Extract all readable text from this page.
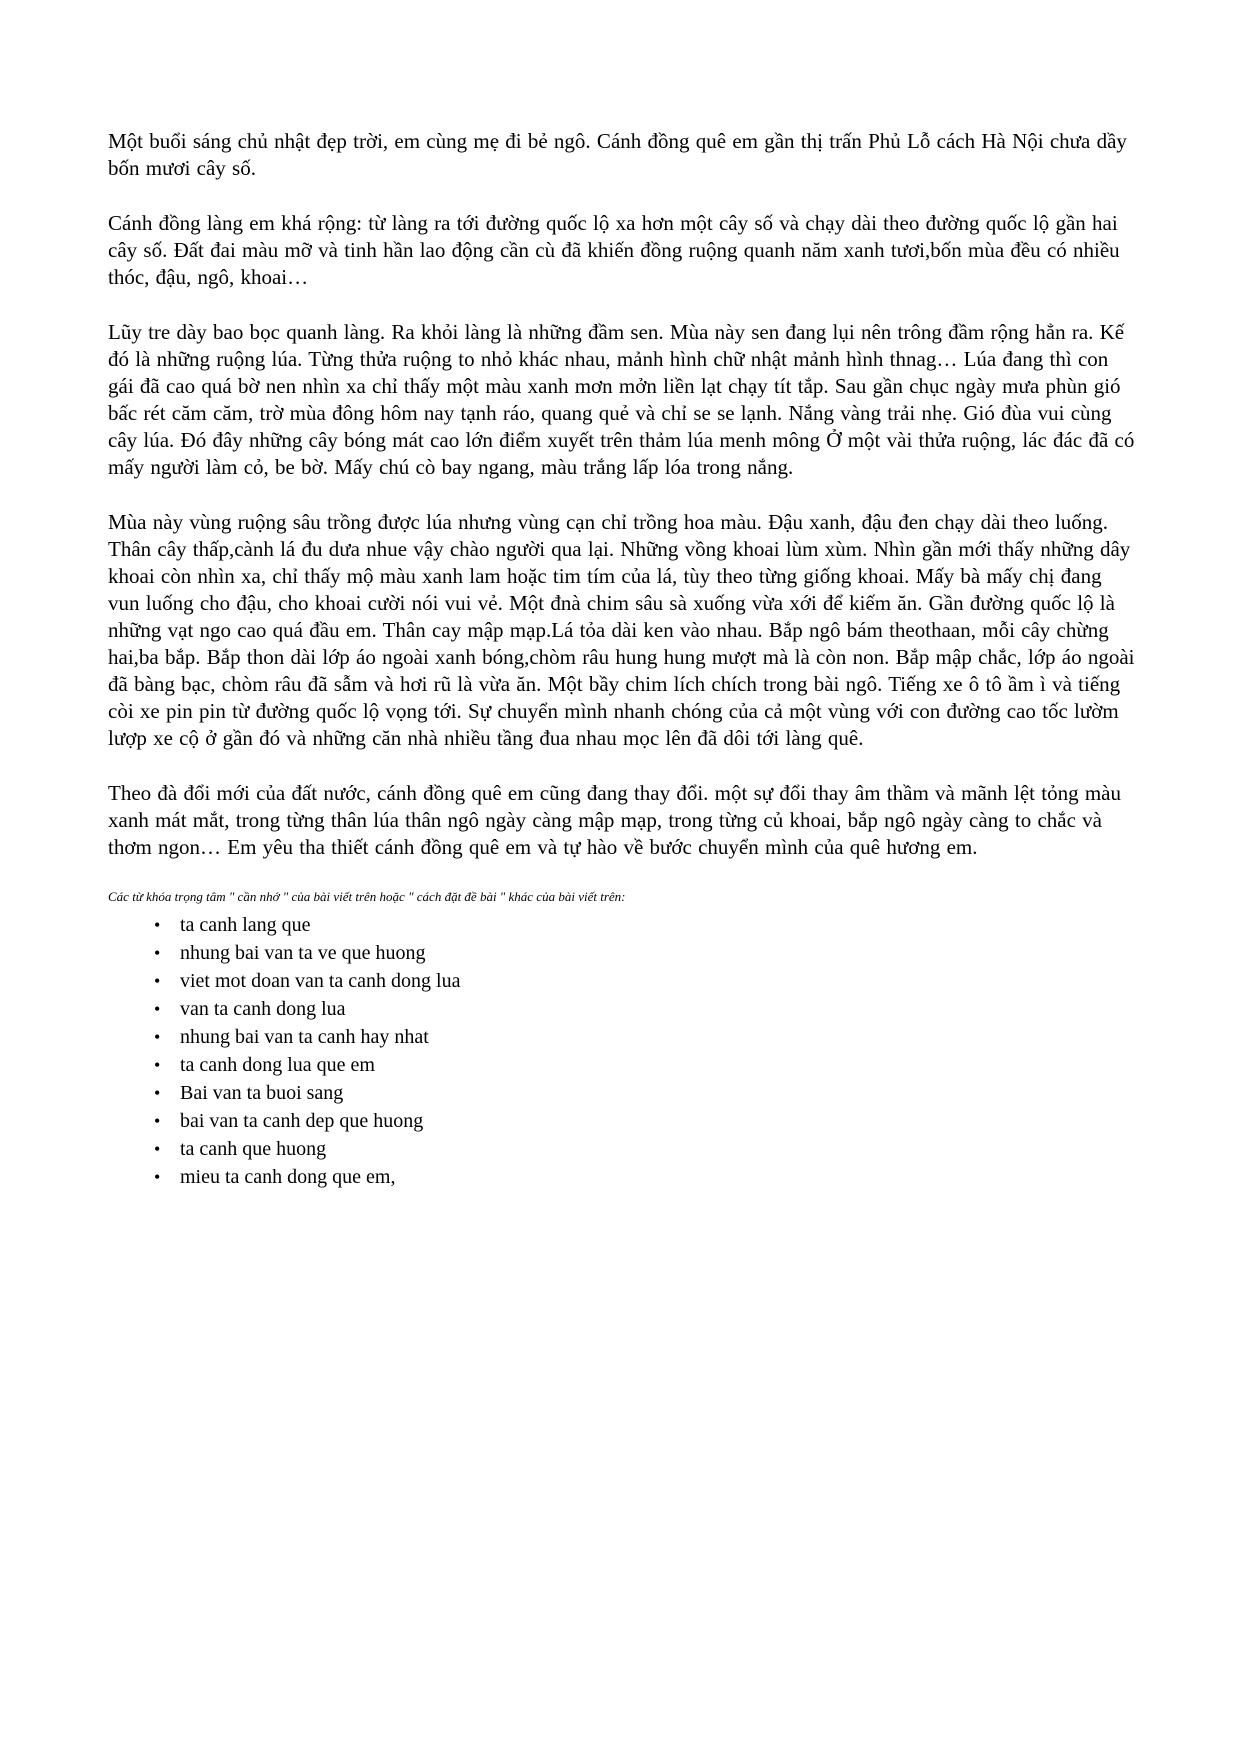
Một buổi sáng chủ nhật đẹp trời, em cùng mẹ đi bẻ ngô. Cánh đồng quê em gần thị trấn Phủ Lỗ cách Hà Nội chưa dầy bốn mươi cây số.

Cánh đồng làng em khá rộng: từ làng ra tới đường quốc lộ xa hơn một cây số và chạy dài theo đường quốc lộ gần hai cây số. Đất đai màu mỡ và tinh hần lao động cần cù đã khiến đồng ruộng quanh năm xanh tươi,bốn mùa đều có nhiều thóc, đậu, ngô, khoai…

Lũy tre dày bao bọc quanh làng. Ra khỏi làng là những đầm sen. Mùa này sen đang lụi nên trông đầm rộng hẳn ra. Kế đó là những ruộng lúa. Từng thửa ruộng to nhỏ khác nhau, mảnh hình chữ nhật mảnh hình thnag… Lúa đang thì con gái đã cao quá bờ nen nhìn xa chỉ thấy một màu xanh mơn mởn liền lạt chạy tít tắp. Sau gần chục ngày mưa phùn gió bấc rét căm căm, trờ mùa đông hôm nay tạnh ráo, quang quẻ và chỉ se se lạnh. Nắng vàng trải nhẹ. Gió đùa vui cùng cây lúa. Đó đây những cây bóng mát cao lớn điểm xuyết trên thảm lúa menh mông Ở một vài thửa ruộng, lác đác đã có mấy người làm cỏ, be bờ. Mấy chú cò bay ngang, màu trắng lấp lóa trong nắng.

Mùa này vùng ruộng sâu trồng được lúa nhưng vùng cạn chỉ trồng hoa màu. Đậu xanh, đậu đen chạy dài theo luống. Thân cây thấp,cành lá đu dưa nhue vậy chào người qua lại. Những vồng khoai lùm xùm. Nhìn gần mới thấy những dây khoai còn nhìn xa, chỉ thấy mộ màu xanh lam hoặc tim tím của lá, tùy theo từng giống khoai. Mấy bà mấy chị đang vun luống cho đậu, cho khoai cười nói vui vẻ. Một đnà chim sâu sà xuống vừa xới để kiếm ăn. Gần đường quốc lộ là những vạt ngo cao quá đầu em. Thân cay mập mạp.Lá tỏa dài ken vào nhau. Bắp ngô bám theothaan, mỗi cây chừng hai,ba bắp. Bắp thon dài lớp áo ngoài xanh bóng,chòm râu hung hung mượt mà là còn non. Bắp mập chắc, lớp áo ngoài đã bàng bạc, chòm râu đã sẫm và hơi rũ là vừa ăn. Một bầy chim lích chích trong bài ngô. Tiếng xe ô tô ầm ì và tiếng còi xe pin pin từ đường quốc lộ vọng tới. Sự chuyển mình nhanh chóng của cả một vùng với con đường cao tốc lườm lượp xe cộ ở gần đó và những căn nhà nhiều tầng đua nhau mọc lên đã dôi tới làng quê.

Theo đà đổi mới của đất nước, cánh đồng quê em cũng đang thay đổi. một sự đổi thay âm thầm và mãnh lệt tỏng màu xanh mát mắt, trong từng thân lúa thân ngô ngày càng mập mạp, trong từng củ khoai, bắp ngô ngày càng to chắc và thơm ngon… Em yêu tha thiết cánh đồng quê em và tự hào về bước chuyển mình của quê hương em.

Các từ khóa trọng tâm " cần nhớ " của bài viết trên hoặc " cách đặt đề bài " khác của bài viết trên:
• ta canh lang que
• nhung bai van ta ve que huong
• viet mot doan van ta canh dong lua
• van ta canh dong lua
• nhung bai van ta canh hay nhat
• ta canh dong lua que em
• Bai van ta buoi sang
• bai van ta canh dep que huong
• ta canh que huong
• mieu ta canh dong que em,
